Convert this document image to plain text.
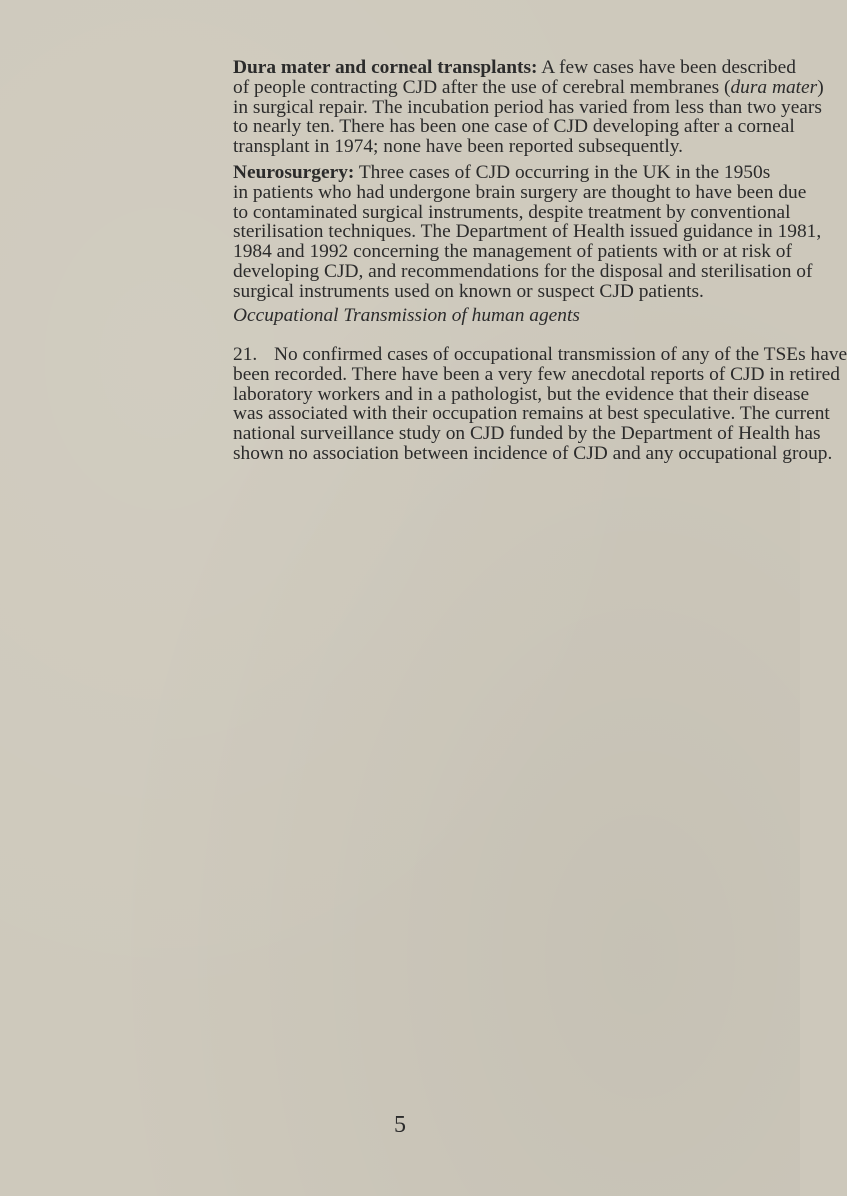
Dura mater and corneal transplants: A few cases have been described
of people contracting CJD after the use of cerebral membranes (dura mater)
in surgical repair. The incubation period has varied from less than two years
to nearly ten. There has been one case of CJD developing after a corneal
transplant in 1974; none have been reported subsequently.
Neurosurgery: Three cases of CJD occurring in the UK in the 1950s
in patients who had undergone brain surgery are thought to have been due
to contaminated surgical instruments, despite treatment by conventional
sterilisation techniques. The Department of Health issued guidance in 1981,
1984 and 1992 concerning the management of patients with or at risk of
developing CJD, and recommendations for the disposal and sterilisation of
surgical instruments used on known or suspect CJD patients.
Occupational Transmission of human agents
21. No confirmed cases of occupational transmission of any of the TSEs have
been recorded. There have been a very few anecdotal reports of CJD in retired
laboratory workers and in a pathologist, but the evidence that their disease
was associated with their occupation remains at best speculative. The current
national surveillance study on CJD funded by the Department of Health has
shown no association between incidence of CJD and any occupational group.
5
